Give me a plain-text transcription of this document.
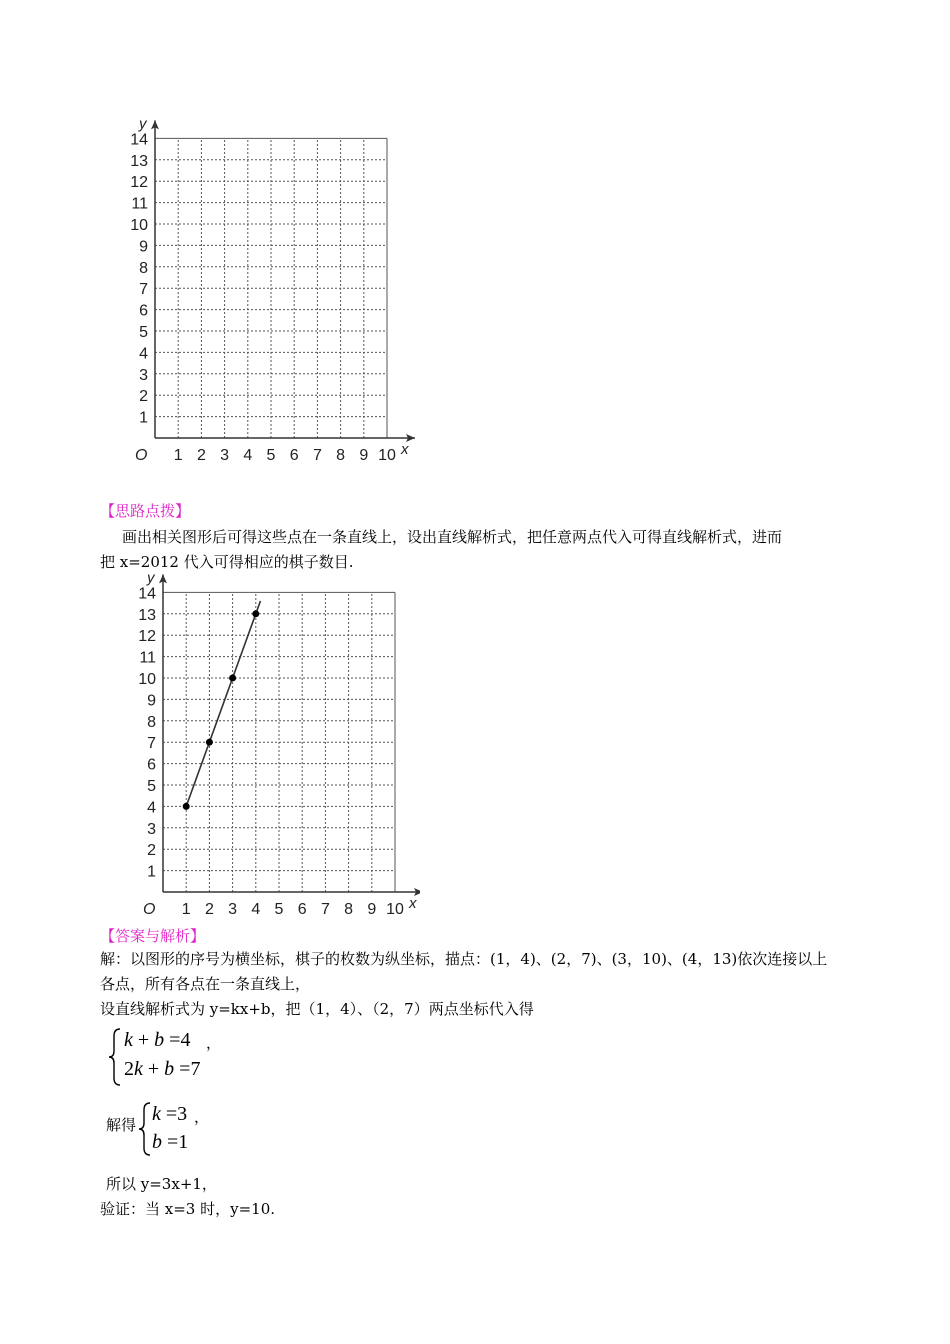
1 2 3 4 5 6 7 8 9 10
1
2
3
4
5
6
7
8
9
10
11
12
13
14
O	x
y
【思路点拨】
画出相关图形后可得这些点在一条直线上，设出直线解析式，把任意两点代入可得直线解析式，进而
把 x=2012 代入可得相应的棋子数目.
1 2 3 4 5 6 7 8 9 10
1
2
3
4
5
6
7
8
9
10
11
12
13
14
O	x
y
【答案与解析】
解：以图形的序号为横坐标，棋子的枚数为纵坐标，描点：(1，4)、(2，7)、(3，10)、(4，13)依次连接以上
各点，所有各点在一条直线上，
设直线解析式为 y=kx+b，把（1，4）、（2，7）两点坐标代入得
k + b =4
2k + b =7
，
解得 k =3
b =1
，
所以 y=3x+1，
验证：当 x=3 时，y=10.
